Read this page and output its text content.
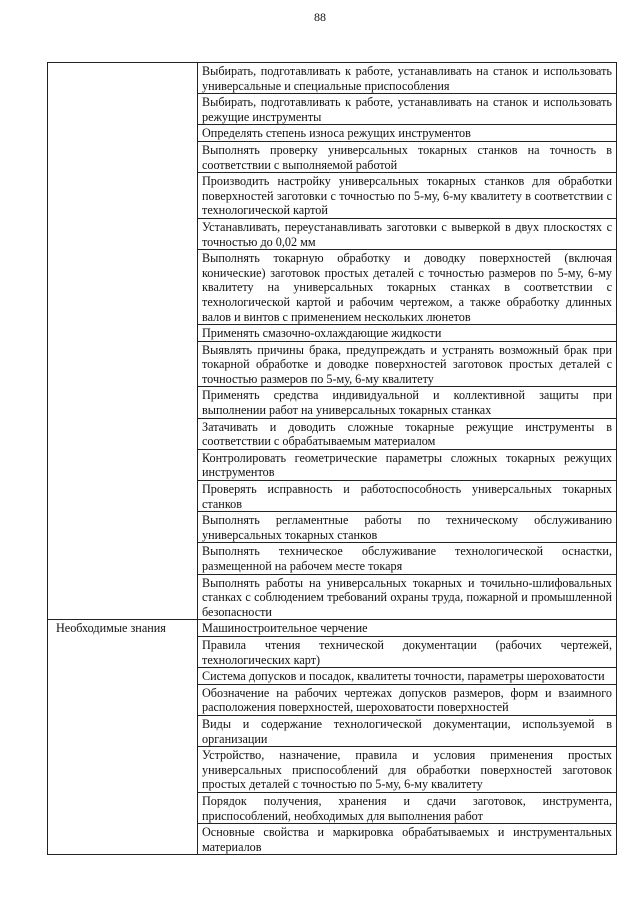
88
	Выбирать, подготавливать к работе, устанавливать на станок и использовать универсальные и специальные приспособления
	Выбирать, подготавливать к работе, устанавливать на станок и использовать режущие инструменты
	Определять степень износа режущих инструментов
	Выполнять проверку универсальных токарных станков на точность в соответствии с выполняемой работой
	Производить настройку универсальных токарных станков для обработки поверхностей заготовки с точностью по 5-му, 6-му квалитету в соответствии с технологической картой
	Устанавливать, переустанавливать заготовки с выверкой в двух плоскостях с точностью до 0,02 мм
	Выполнять токарную обработку и доводку поверхностей (включая конические) заготовок простых деталей с точностью размеров по 5-му, 6-му квалитету на универсальных токарных станках в соответствии с технологической картой и рабочим чертежом, а также обработку длинных валов и винтов с применением нескольких люнетов
	Применять смазочно-охлаждающие жидкости
	Выявлять причины брака, предупреждать и устранять возможный брак при токарной обработке и доводке поверхностей заготовок простых деталей с точностью размеров по 5-му, 6-му квалитету
	Применять средства индивидуальной и коллективной защиты при выполнении работ на универсальных токарных станках
	Затачивать и доводить сложные токарные режущие инструменты в соответствии с обрабатываемым материалом
	Контролировать геометрические параметры сложных токарных режущих инструментов
	Проверять исправность и работоспособность универсальных токарных станков
	Выполнять регламентные работы по техническому обслуживанию универсальных токарных станков
	Выполнять техническое обслуживание технологической оснастки, размещенной на рабочем месте токаря
	Выполнять работы на универсальных токарных и точильно-шлифовальных станках с соблюдением требований охраны труда, пожарной и промышленной безопасности
Необходимые знания	Машиностроительное черчение
	Правила чтения технической документации (рабочих чертежей, технологических карт)
	Система допусков и посадок, квалитеты точности, параметры шероховатости
	Обозначение на рабочих чертежах допусков размеров, форм и взаимного расположения поверхностей, шероховатости поверхностей
	Виды и содержание технологической документации, используемой в организации
	Устройство, назначение, правила и условия применения простых универсальных приспособлений для обработки поверхностей заготовок простых деталей с точностью по 5-му, 6-му квалитету
	Порядок получения, хранения и сдачи заготовок, инструмента, приспособлений, необходимых для выполнения работ
	Основные свойства и маркировка обрабатываемых и инструментальных материалов
